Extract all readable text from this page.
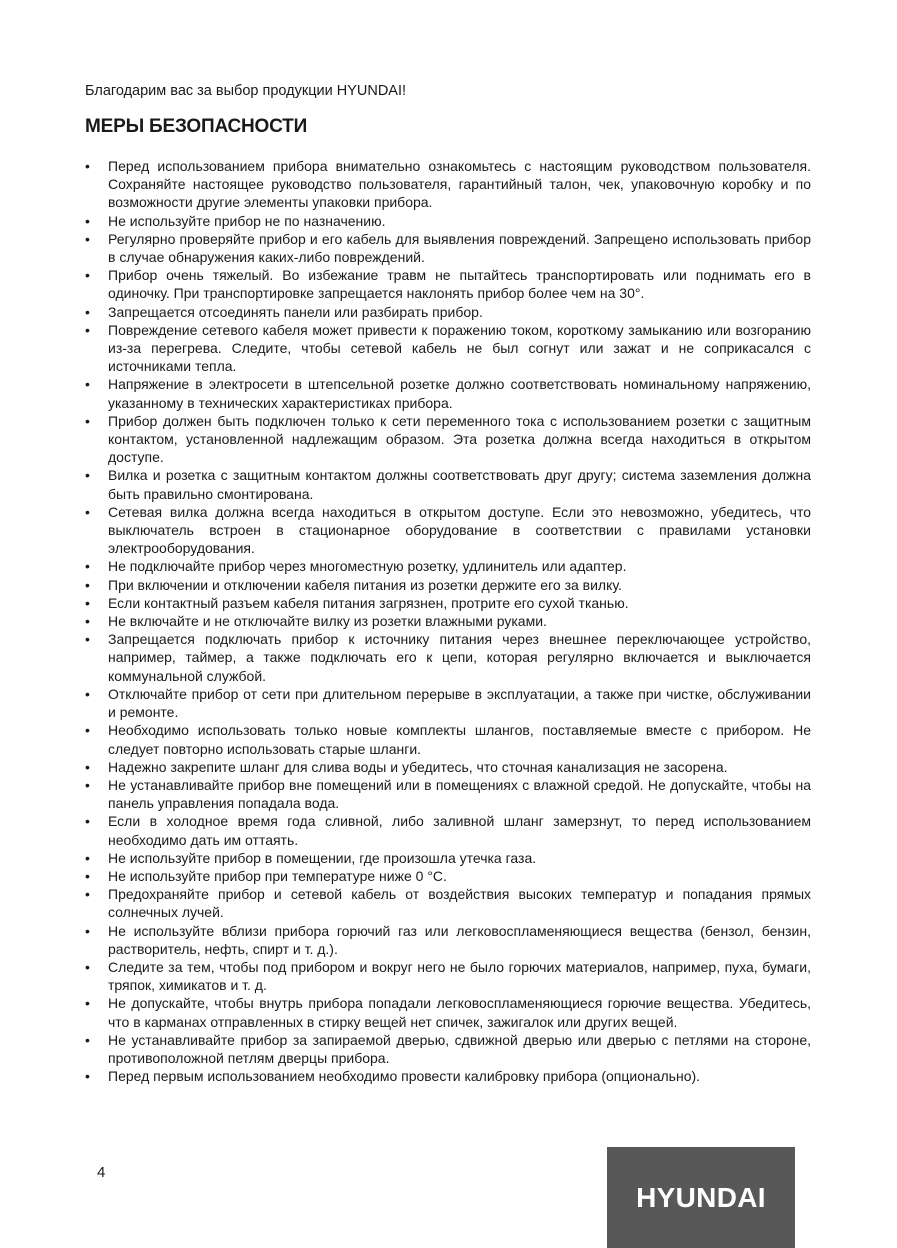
Благодарим вас за выбор продукции HYUNDAI!

МЕРЫ БЕЗОПАСНОСТИ
•	Перед использованием прибора внимательно ознакомьтесь с настоящим руководством пользователя. Сохраняйте настоящее руководство пользователя, гарантийный талон, чек, упаковочную коробку и по возможности другие элементы упаковки прибора.
•	Не используйте прибор не по назначению.
•	Регулярно проверяйте прибор и его кабель для выявления повреждений. Запрещено использовать прибор в случае обнаружения каких-либо повреждений.
•	Прибор очень тяжелый. Во избежание травм не пытайтесь транспортировать или поднимать его в одиночку. При транспортировке запрещается наклонять прибор более чем на 30°.
•	Запрещается отсоединять панели или разбирать прибор.
•	Повреждение сетевого кабеля может привести к поражению током, короткому замыканию или возгоранию из-за перегрева. Следите, чтобы сетевой кабель не был согнут или зажат и не соприкасался с источниками тепла.
•	Напряжение в электросети в штепсельной розетке должно соответствовать номинальному напряжению, указанному в технических характеристиках прибора.
•	Прибор должен быть подключен только к сети переменного тока с использованием розетки с защитным контактом, установленной надлежащим образом. Эта розетка должна всегда находиться в открытом доступе.
•	Вилка и розетка с защитным контактом должны соответствовать друг другу; система заземления должна быть правильно смонтирована.
•	Сетевая вилка должна всегда находиться в открытом доступе. Если это невозможно, убедитесь, что выключатель встроен в стационарное оборудование в соответствии с правилами установки электрооборудования.
•	Не подключайте прибор через многоместную розетку, удлинитель или адаптер.
•	При включении и отключении кабеля питания из розетки держите его за вилку.
•	Если контактный разъем кабеля питания загрязнен, протрите его сухой тканью.
•	Не включайте и не отключайте вилку из розетки влажными руками.
•	Запрещается подключать прибор к источнику питания через внешнее переключающее устройство, например, таймер, а также подключать его к цепи, которая регулярно включается и выключается коммунальной службой.
•	Отключайте прибор от сети при длительном перерыве в эксплуатации, а также при чистке, обслуживании и ремонте.
•	Необходимо использовать только новые комплекты шлангов, поставляемые вместе с прибором. Не следует повторно использовать старые шланги.
•	Надежно закрепите шланг для слива воды и убедитесь, что сточная канализация не засорена.
•	Не устанавливайте прибор вне помещений или в помещениях с влажной средой. Не допускайте, чтобы на панель управления попадала вода.
•	Если в холодное время года сливной, либо заливной шланг замерзнут, то перед использованием необходимо дать им оттаять.
•	Не используйте прибор в помещении, где произошла утечка газа.
•	Не используйте прибор при температуре ниже 0 °С.
•	Предохраняйте прибор и сетевой кабель от воздействия высоких температур и попадания прямых солнечных лучей.
•	Не используйте вблизи прибора горючий газ или легковоспламеняющиеся вещества (бензол, бензин, растворитель, нефть, спирт и т. д.).
•	Следите за тем, чтобы под прибором и вокруг него не было горючих материалов, например, пуха, бумаги, тряпок, химикатов и т. д.
•	Не допускайте, чтобы внутрь прибора попадали легковоспламеняющиеся горючие вещества. Убедитесь, что в карманах отправленных в стирку вещей нет спичек, зажигалок или других вещей.
•	Не устанавливайте прибор за запираемой дверью, сдвижной дверью или дверью с петлями на стороне, противоположной петлям дверцы прибора.
•	Перед первым использованием необходимо провести калибровку прибора (опционально).

4

HYUNDAI
